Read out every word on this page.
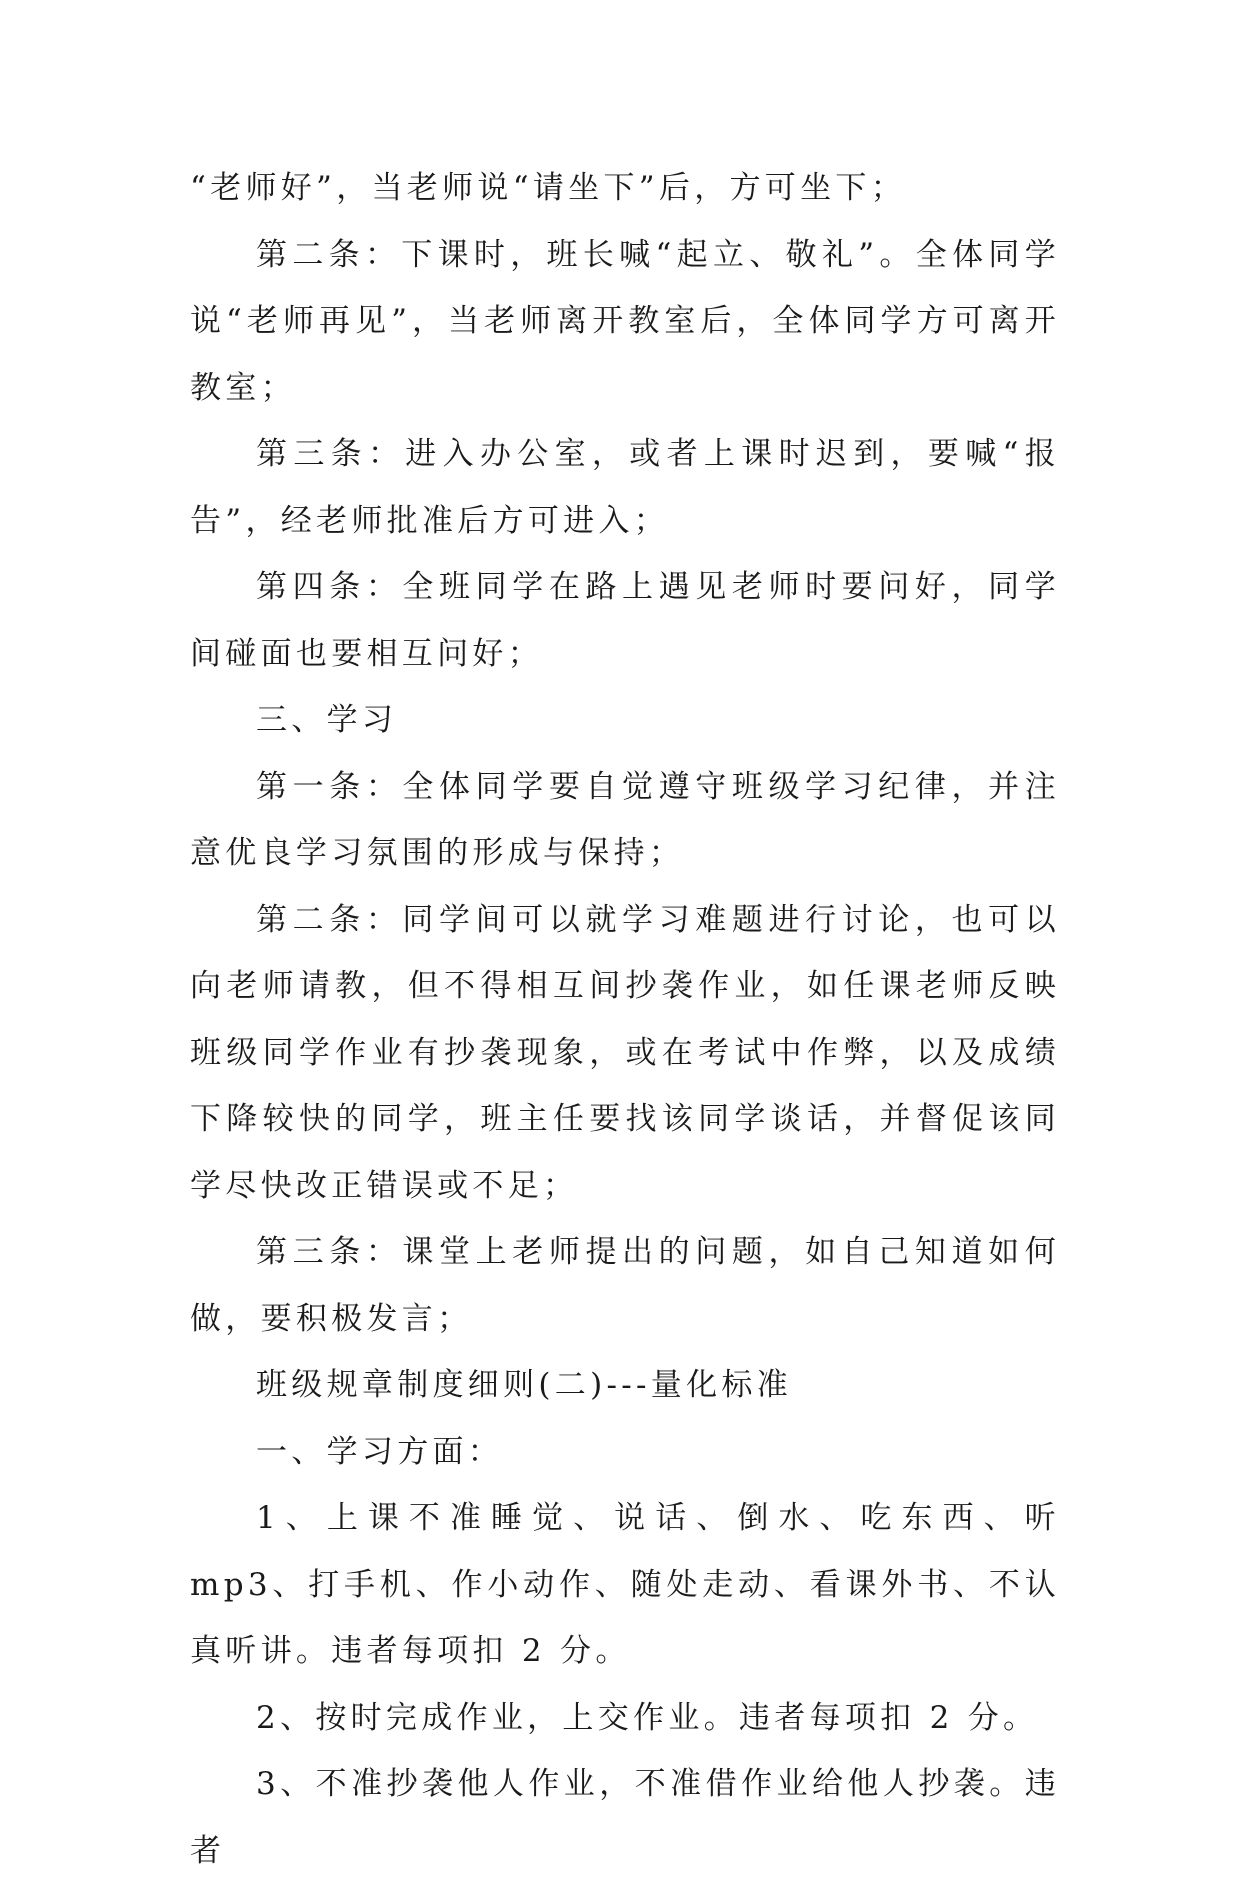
“老师好”，当老师说“请坐下”后，方可坐下；

第二条：下课时，班长喊“起立、敬礼”。全体同学说“老师再见”，当老师离开教室后，全体同学方可离开教室；

第三条：进入办公室，或者上课时迟到，要喊“报告”，经老师批准后方可进入；

第四条：全班同学在路上遇见老师时要问好，同学间碰面也要相互问好；

三、学习

第一条：全体同学要自觉遵守班级学习纪律，并注意优良学习氛围的形成与保持；

第二条：同学间可以就学习难题进行讨论，也可以向老师请教，但不得相互间抄袭作业，如任课老师反映班级同学作业有抄袭现象，或在考试中作弊，以及成绩下降较快的同学，班主任要找该同学谈话，并督促该同学尽快改正错误或不足；

第三条：课堂上老师提出的问题，如自己知道如何做，要积极发言；

班级规章制度细则(二)---量化标准

一、学习方面：

1、上课不准睡觉、说话、倒水、吃东西、听 mp3、打手机、作小动作、随处走动、看课外书、不认真听讲。违者每项扣 2 分。

2、按时完成作业，上交作业。违者每项扣 2 分。

3、不准抄袭他人作业，不准借作业给他人抄袭。违者
